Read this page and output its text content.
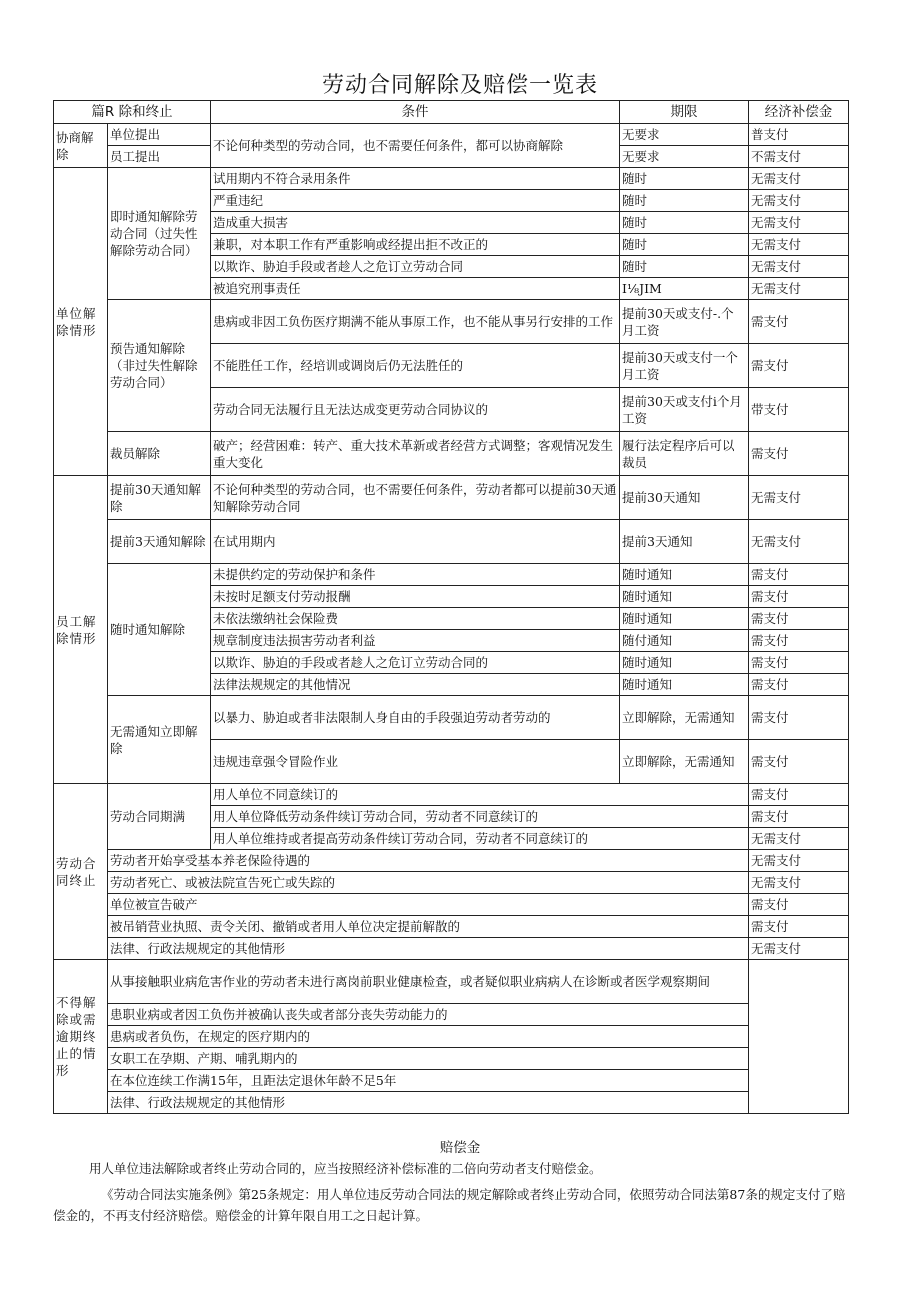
劳动合同解除及赔偿一览表
篇R 除和终止		条件	期限	经济补偿金
协商解除	单位提出	不论何种类型的劳动合同，也不需要任何条件，都可以协商解除	无要求	普支付
	员工提出		无要求	不需支付
单位解除情形	即时通知解除劳动合同（过失性解除劳动合同）	试用期内不符合录用条件	随时	无需支付
		严重违纪	随时	无需支付
		造成重大损害	随时	无需支付
		兼职，对本职工作有严重影响或经提出拒不改正的	随时	无需支付
		以欺诈、胁迫手段或者趁人之危订立劳动合同	随时	无需支付
		被追究刑事责任	I⅛JIM	无需支付
	预告通知解除（非过失性解除劳动合同）	患病或非因工负伤医疗期满不能从事原工作，也不能从事另行安排的工作	提前30天或支付-.个月工资	需支付
		不能胜任工作，经培训或调岗后仍无法胜任的	提前30天或支付一个月工资	需支付
		劳动合同无法履行且无法达成变更劳动合同协议的	提前30天或支付i个月工资	带支付
	裁员解除	破产；经营困难：转产、重大技术革新或者经营方式调整；客观情况发生重大变化	履行法定程序后可以裁员	需支付
员工解除情形	提前30天通知解除	不论何种类型的劳动合同，也不需要任何条件，劳动者都可以提前30天通知解除劳动合同	提前30天通知	无需支付
	提前3天通知解除	在试用期内	提前3天通知	无需支付
	随时通知解除	未提供约定的劳动保护和条件	随时通知	需支付
		未按时足额支付劳动报酬	随时通知	需支付
		未依法缴纳社会保险费	随时通知	需支付
		规章制度违法损害劳动者利益	随付通知	需支付
		以欺诈、胁迫的手段或者趁人之危订立劳动合同的	随时通知	需支付
		法律法规规定的其他情况	随时通知	需支付
	无需通知立即解除	以暴力、胁迫或者非法限制人身自由的手段强迫劳动者劳动的	立即解除，无需通知	需支付
		违规违章强令冒险作业	立即解除，无需通知	需支付
劳动合同终止	劳动合同期满	用人单位不同意续订的		需支付
		用人单位降低劳动条件续订劳动合同，劳动者不同意续订的		需支付
		用人单位维持或者提高劳动条件续订劳动合同，劳动者不同意续订的		无需支付
	劳动者开始享受基本养老保险待遇的			无需支付
	劳动者死亡、或被法院宣告死亡或失踪的			无需支付
	单位被宣告破产			需支付
	被吊销营业执照、责令关闭、撤销或者用人单位决定提前解散的			需支付
	法律、行政法规规定的其他情形			无需支付
不得解除或需逾期终止的情形	从事接触职业病危害作业的劳动者未进行离岗前职业健康检查，或者疑似职业病病人在诊断或者医学观察期间			
	患职业病或者因工负伤并被确认丧失或者部分丧失劳动能力的			
	患病或者负伤，在规定的医疗期内的			
	女职工在孕期、产期、哺乳期内的			
	在本位连续工作满15年，且距法定退休年龄不足5年			
	法律、行政法规规定的其他情形			
赔偿金
用人单位违法解除或者终止劳动合同的，应当按照经济补偿标准的二倍向劳动者支付赔偿金。
《劳动合同法实施条例》第25条规定：用人单位违反劳动合同法的规定解除或者终止劳动合同，依照劳动合同法第87条的规定支付了赔偿金的，不再支付经济赔偿。赔偿金的计算年限自用工之日起计算。
